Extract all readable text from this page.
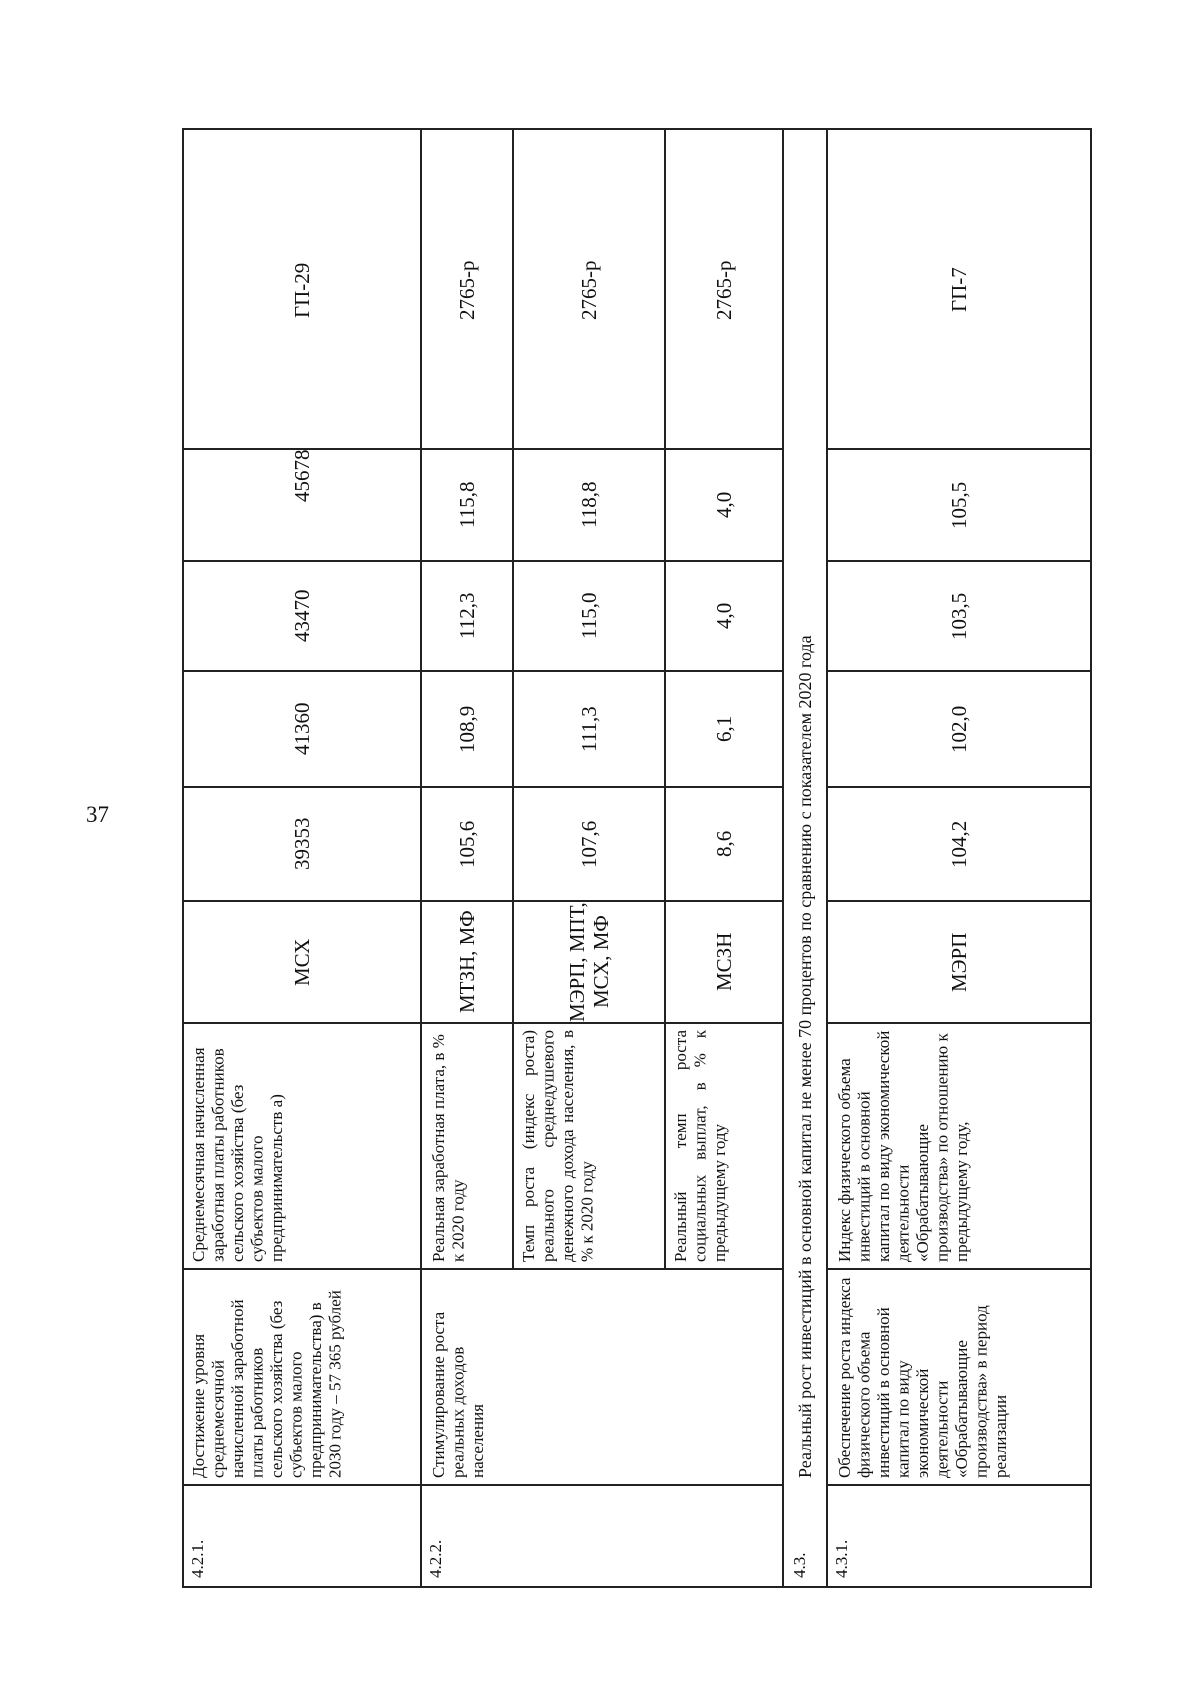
37
4.2.1.
Достижение уровня среднемесячной начисленной заработной платы работников сельского хозяйства (без субъектов малого предпринимательства) в 2030 году – 57 365 рублей
Среднемесячная начисленная заработная платы работников сельского хозяйства (без субъектов малого предпринимательств а)
МСХ
39353
41360
43470
45678
4.2.2.
Стимулирование роста реальных доходов населения
Реальная заработная плата, в % к 2020 году
МТЗН, МФ
105,6
108,9
112,3
115,8
2765-р
Темп роста (индекс роста) реального среднедушевого денежного дохода населения, в % к 2020 году
МЭРП, МПТ, МСХ, МФ
107,6
111,3
115,0
118,8
2765-р
Реальный темп роста социальных выплат, в % к предыдущему году
МСЗН
8,6
6,1
4,0
4,0
2765-р
ГП-29
4.3.
Реальный рост инвестиций в основной капитал не менее 70 процентов по сравнению с показателем 2020 года
4.3.1.
Обеспечение роста индекса физического объема инвестиций в основной капитал по виду экономической деятельности «Обрабатывающие производства» в период реализации
Индекс физического объема инвестиций в основной капитал по виду экономической деятельности «Обрабатывающие производства» по отношению к предыдущему году,
МЭРП
104,2
102,0
103,5
105,5
ГП-7
